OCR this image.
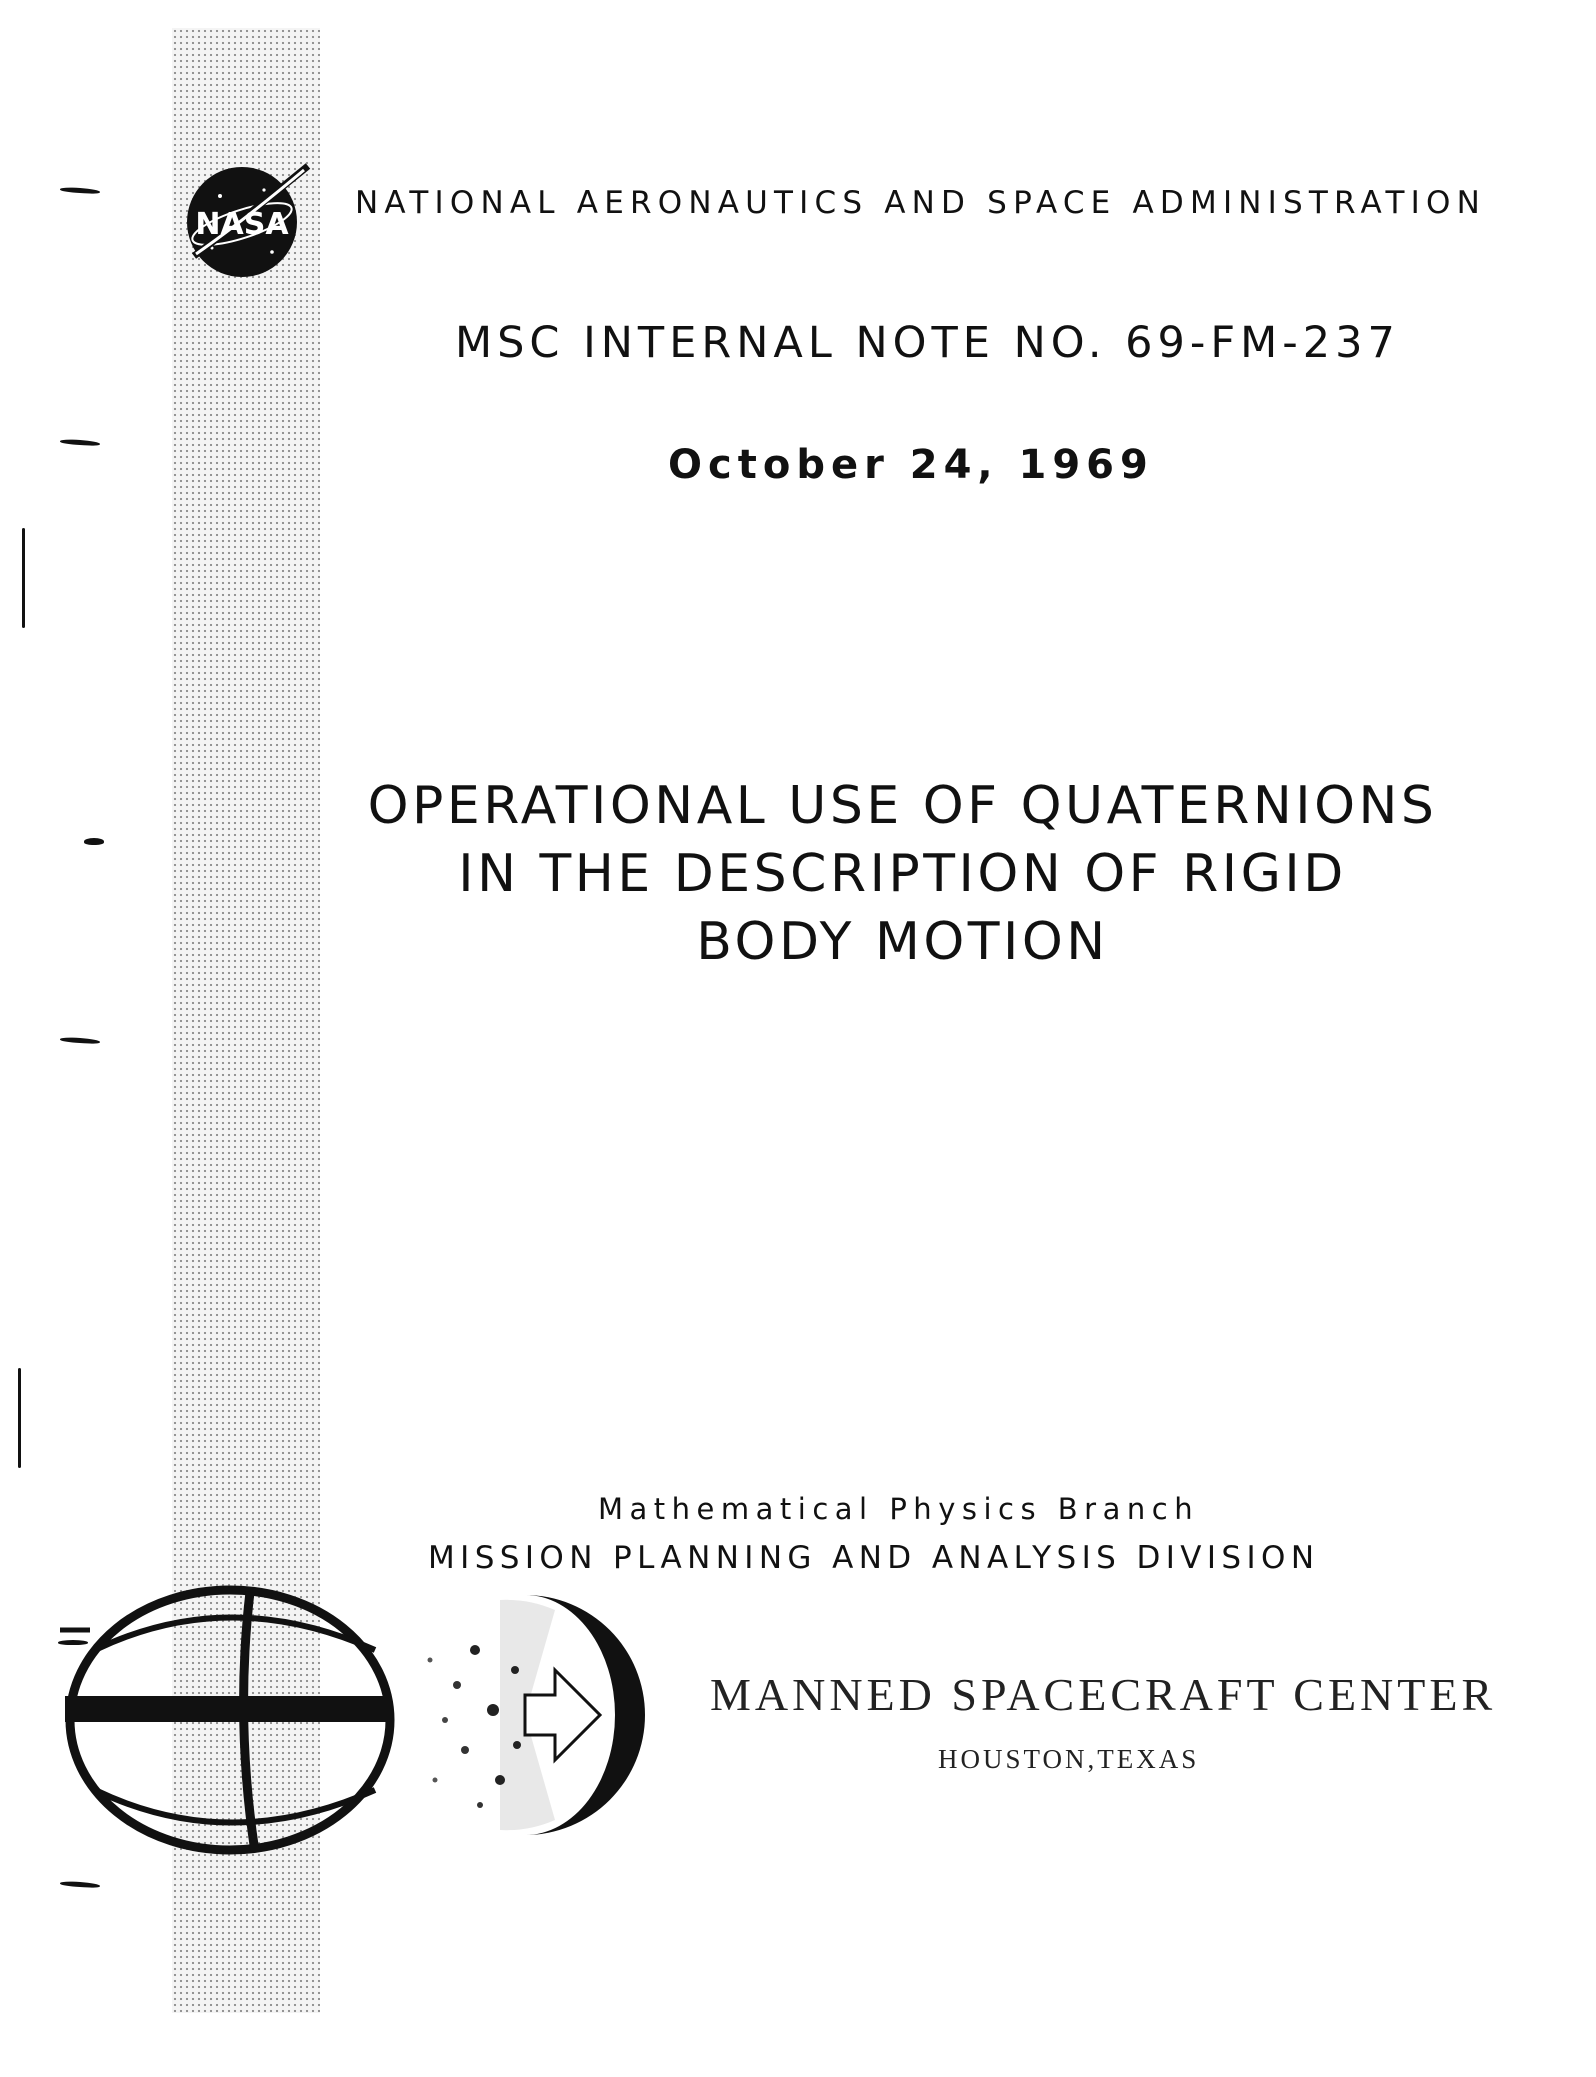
NASA

NATIONAL AERONAUTICS AND SPACE ADMINISTRATION

MSC INTERNAL NOTE NO. 69-FM-237

October 24, 1969

OPERATIONAL USE OF QUATERNIONS
IN THE DESCRIPTION OF RIGID
BODY MOTION

Mathematical Physics Branch

MISSION PLANNING AND ANALYSIS DIVISION

MANNED SPACECRAFT CENTER

HOUSTON,TEXAS
